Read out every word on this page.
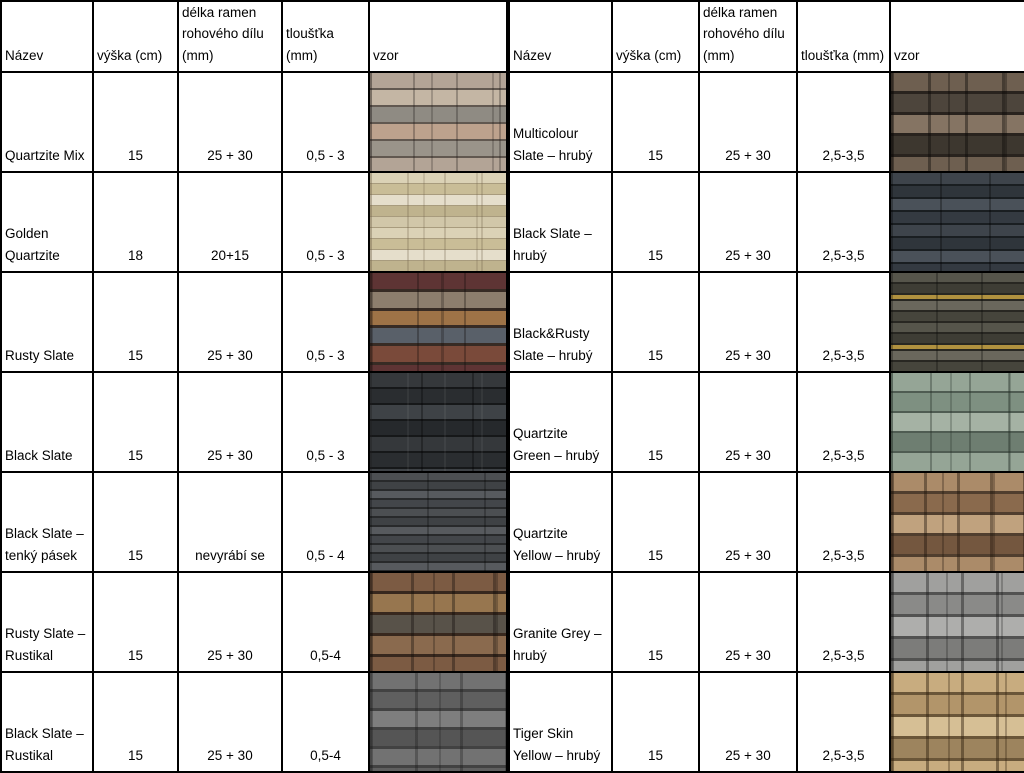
Název	výška (cm)	délka ramen rohového dílu (mm)	tloušťka (mm)	vzor
Quartzite Mix	15	25 + 30	0,5 - 3	

Golden Quartzite	18	20+15	0,5 - 3	

Rusty Slate	15	25 + 30	0,5 - 3	

Black Slate	15	25 + 30	0,5 - 3	

Black Slate – tenký pásek	15	nevyrábí se	0,5 - 4	

Rusty Slate – Rustikal	15	25 + 30	0,5-4	

Black Slate – Rustikal	15	25 + 30	0,5-4	
Název	výška (cm)	délka ramen rohového dílu (mm)	tloušťka (mm)	vzor
Multicolour Slate – hrubý	15	25 + 30	2,5-3,5	

Black Slate – hrubý	15	25 + 30	2,5-3,5	

Black&Rusty Slate – hrubý	15	25 + 30	2,5-3,5	

Quartzite Green – hrubý	15	25 + 30	2,5-3,5	

Quartzite Yellow – hrubý	15	25 + 30	2,5-3,5	

Granite Grey – hrubý	15	25 + 30	2,5-3,5	

Tiger Skin Yellow – hrubý	15	25 + 30	2,5-3,5	
